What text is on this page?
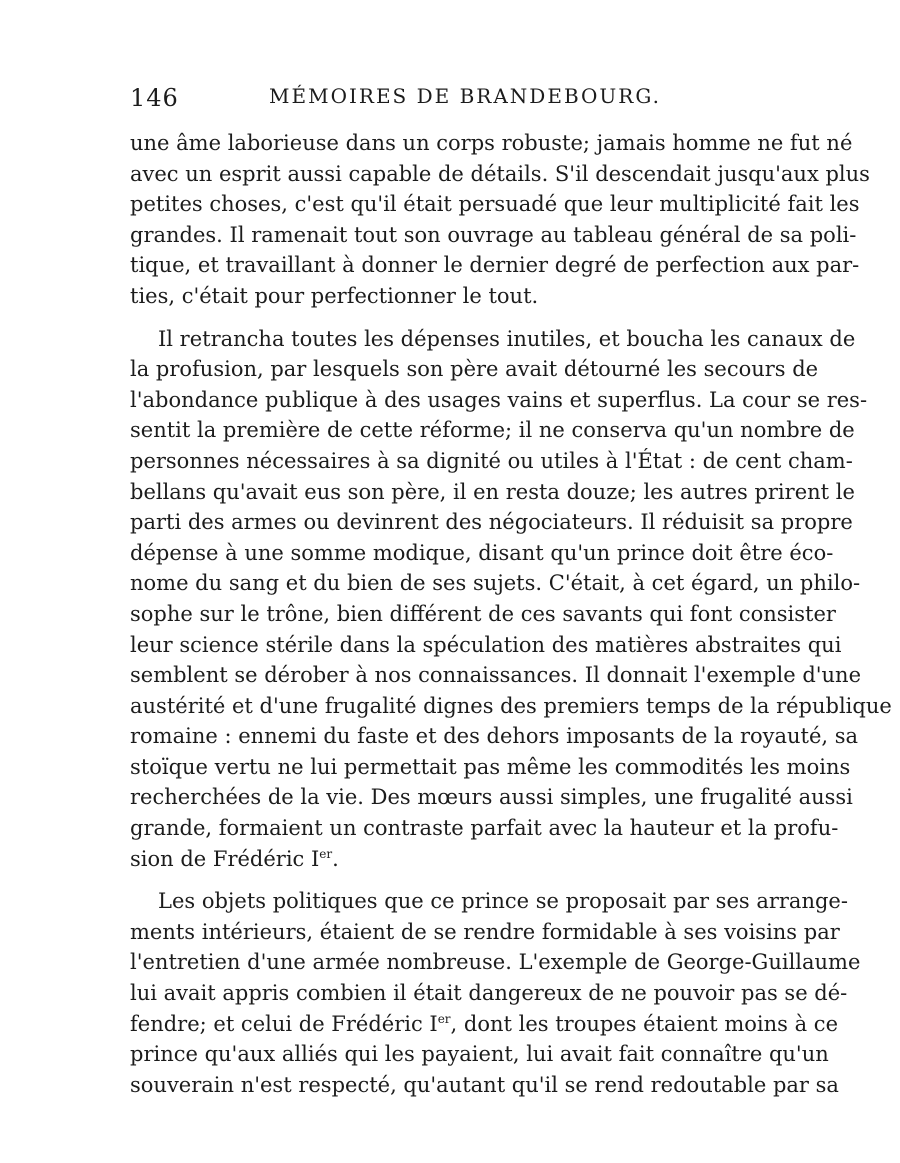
146	MÉMOIRES DE BRANDEBOURG.
une âme laborieuse dans un corps robuste; jamais homme ne fut né
avec un esprit aussi capable de détails. S'il descendait jusqu'aux plus
petites choses, c'est qu'il était persuadé que leur multiplicité fait les
grandes. Il ramenait tout son ouvrage au tableau général de sa poli-
tique, et travaillant à donner le dernier degré de perfection aux par-
ties, c'était pour perfectionner le tout.
Il retrancha toutes les dépenses inutiles, et boucha les canaux de
la profusion, par lesquels son père avait détourné les secours de
l'abondance publique à des usages vains et superflus. La cour se res-
sentit la première de cette réforme; il ne conserva qu'un nombre de
personnes nécessaires à sa dignité ou utiles à l'État : de cent cham-
bellans qu'avait eus son père, il en resta douze; les autres prirent le
parti des armes ou devinrent des négociateurs. Il réduisit sa propre
dépense à une somme modique, disant qu'un prince doit être éco-
nome du sang et du bien de ses sujets. C'était, à cet égard, un philo-
sophe sur le trône, bien différent de ces savants qui font consister
leur science stérile dans la spéculation des matières abstraites qui
semblent se dérober à nos connaissances. Il donnait l'exemple d'une
austérité et d'une frugalité dignes des premiers temps de la république
romaine : ennemi du faste et des dehors imposants de la royauté, sa
stoïque vertu ne lui permettait pas même les commodités les moins
recherchées de la vie. Des mœurs aussi simples, une frugalité aussi
grande, formaient un contraste parfait avec la hauteur et la profu-
sion de Frédéric Ier.
Les objets politiques que ce prince se proposait par ses arrange-
ments intérieurs, étaient de se rendre formidable à ses voisins par
l'entretien d'une armée nombreuse. L'exemple de George-Guillaume
lui avait appris combien il était dangereux de ne pouvoir pas se dé-
fendre; et celui de Frédéric Ier, dont les troupes étaient moins à ce
prince qu'aux alliés qui les payaient, lui avait fait connaître qu'un
souverain n'est respecté, qu'autant qu'il se rend redoutable par sa
